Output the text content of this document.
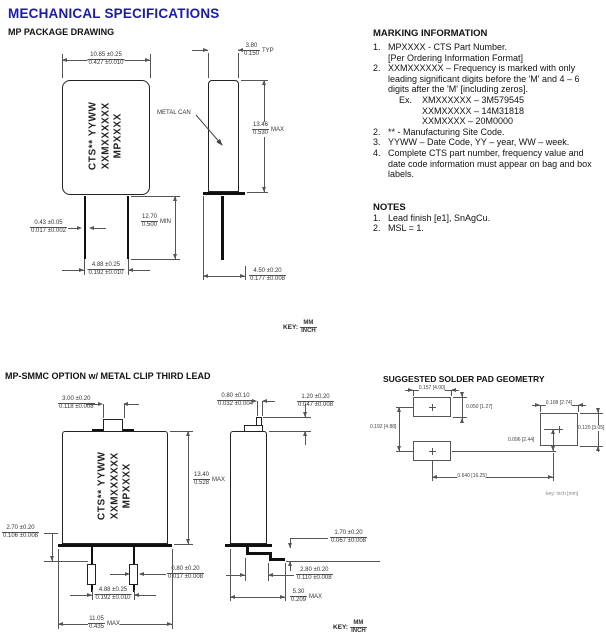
MECHANICAL SPECIFICATIONS
MP PACKAGE DRAWING
$\frac{10.85 \pm 0.25}{0.427 \pm 0.010}$
CTS** YYWW XXMXXXXXX MPXXXX
$\frac{0.43 \pm 0.05}{0.017 \pm 0.002}$	$\frac{12.70}{0.500}$ MIN
$\frac{4.88 \pm 0.25}{0.192 \pm 0.010}$
$\frac{3.80}{0.150}$ TYP
METAL CAN
$\frac{13.46}{0.530}$ MAX
$\frac{4.50 \pm 0.20}{0.177 \pm 0.008}$
KEY: $\frac{MM}{\text{INCH}}$
MARKING INFORMATION
1. MPXXXX - CTS Part Number.
[Per Ordering Information Format]
2. XXMXXXXXX – Frequency is marked with only leading significant digits before the 'M' and 4 – 6 digits after the 'M' [including zeros].
Ex.	XMXXXXXX – 3M579545
XXMXXXXX – 14M31818
XXMXXXX – 20M0000
2. ** - Manufacturing Site Code.
3. YYWW – Date Code, YY – year, WW – week.
4. Complete CTS part number, frequency value and date code information must appear on bag and box labels.
NOTES
1. Lead finish [e1], SnAgCu.
2. MSL = 1.
MP-SMMC OPTION w/ METAL CLIP THIRD LEAD
$\frac{3.00 \pm 0.20}{0.118 \pm 0.008}$
CTS** YYWW XXMXXXXXX MPXXXX	$\frac{13.40}{0.528}$ MAX
$\frac{2.70 \pm 0.20}{0.106 \pm 0.008}$
$\frac{0.80 \pm 0.20}{0.017 \pm 0.008}$
$\frac{4.88 \pm 0.25}{0.192 \pm 0.010}$
$\frac{11.05}{0.435}$ MAX
$\frac{0.80 \pm 0.10}{0.032 \pm 0.004}$	$\frac{1.20 \pm 0.20}{0.047 \pm 0.008}$
$\frac{1.70 \pm 0.20}{0.067 \pm 0.008}$
$\frac{2.80 \pm 0.20}{0.110 \pm 0.008}$
$\frac{5.30}{0.209}$ MAX
KEY: $\frac{MM}{\text{INCH}}$
SUGGESTED SOLDER PAD GEOMETRY
0.157 [4.00]
0.050 [1.27]
0.192 [4.88]
0.108 [2.74]
0.120 [3.05]
0.096 [2.44]
0.640 [16.25]
key: inch [mm]
